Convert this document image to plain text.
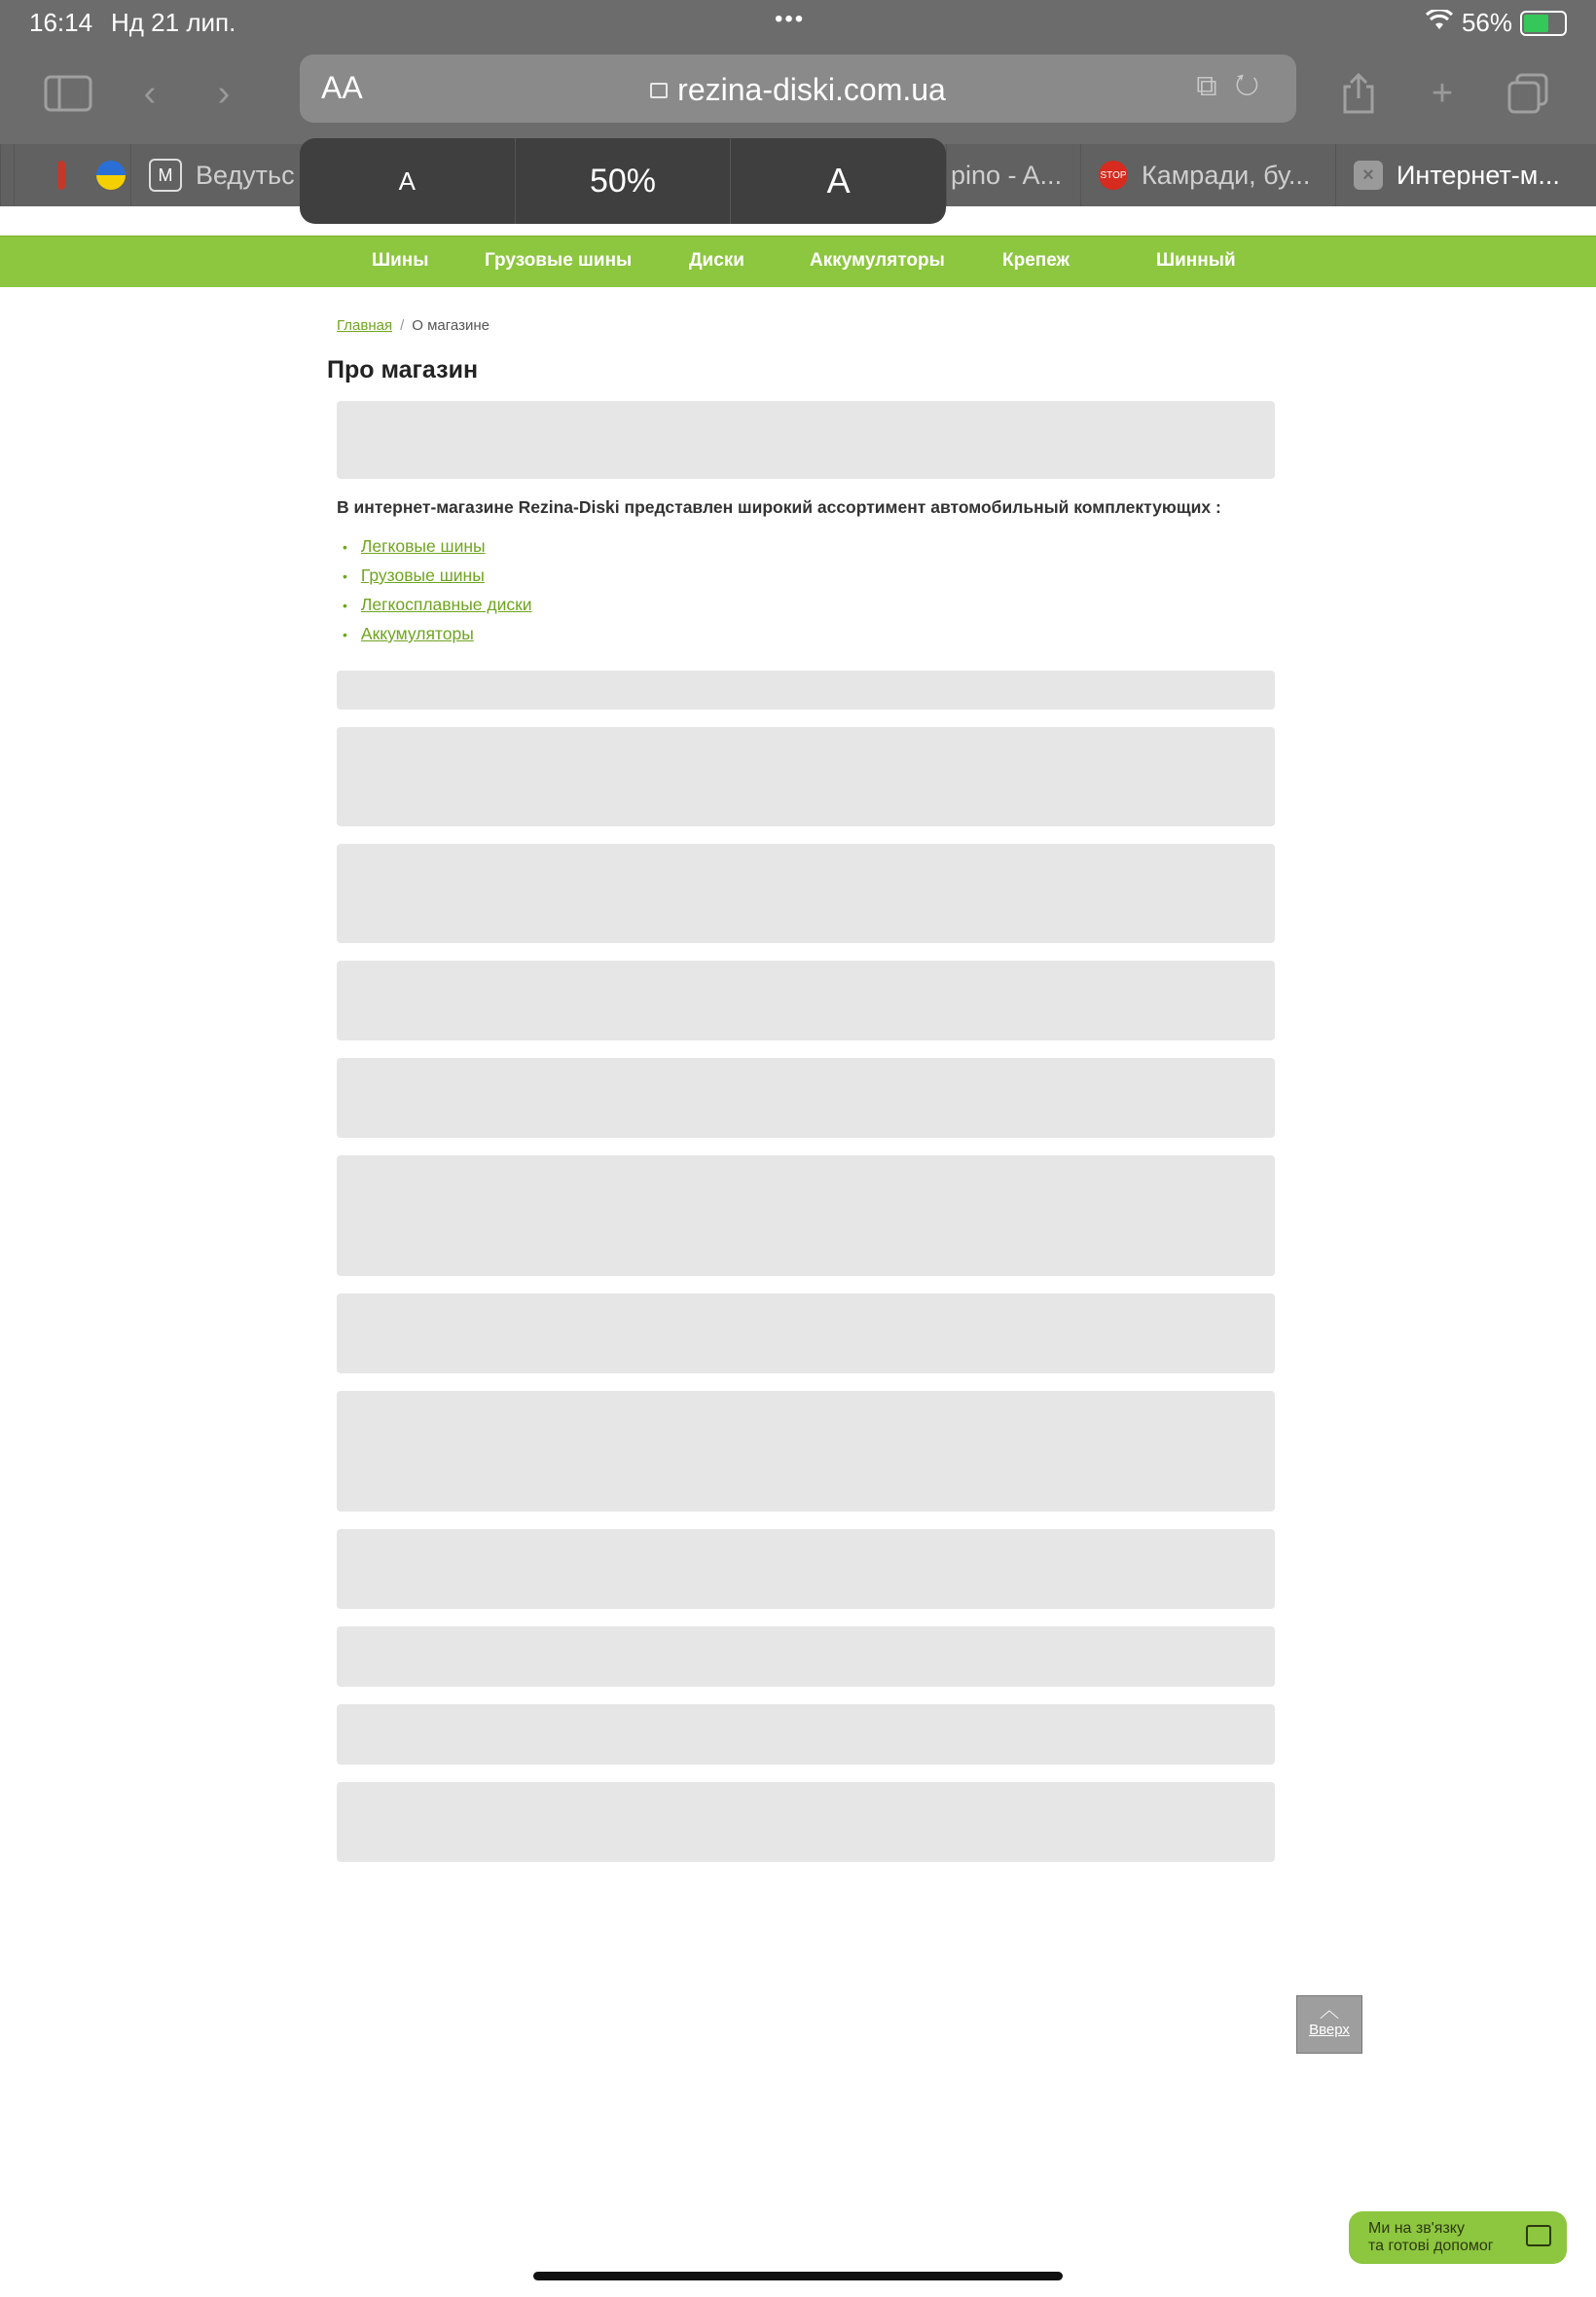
16:14 Нд 21 лип.	•••	56%
‹	›	AA	rezina-diski.com.ua	⧉↻	+
M Ведутьс	pino - A...	STOP Камради, бу...	× Интернет-м...
A	50%	A
Шины	Грузовые шины	Диски	Аккумуляторы	Крепеж	Шинный
Главная / О магазине
Про магазин

В интернет-магазине Rezina-Diski представлен широкий ассортимент автомобильный комплектующих :

• Легковые шины
• Грузовые шины
• Легкосплавные диски
• Аккумуляторы
︿
Вверх
Ми на зв'язку
та готові допомог
